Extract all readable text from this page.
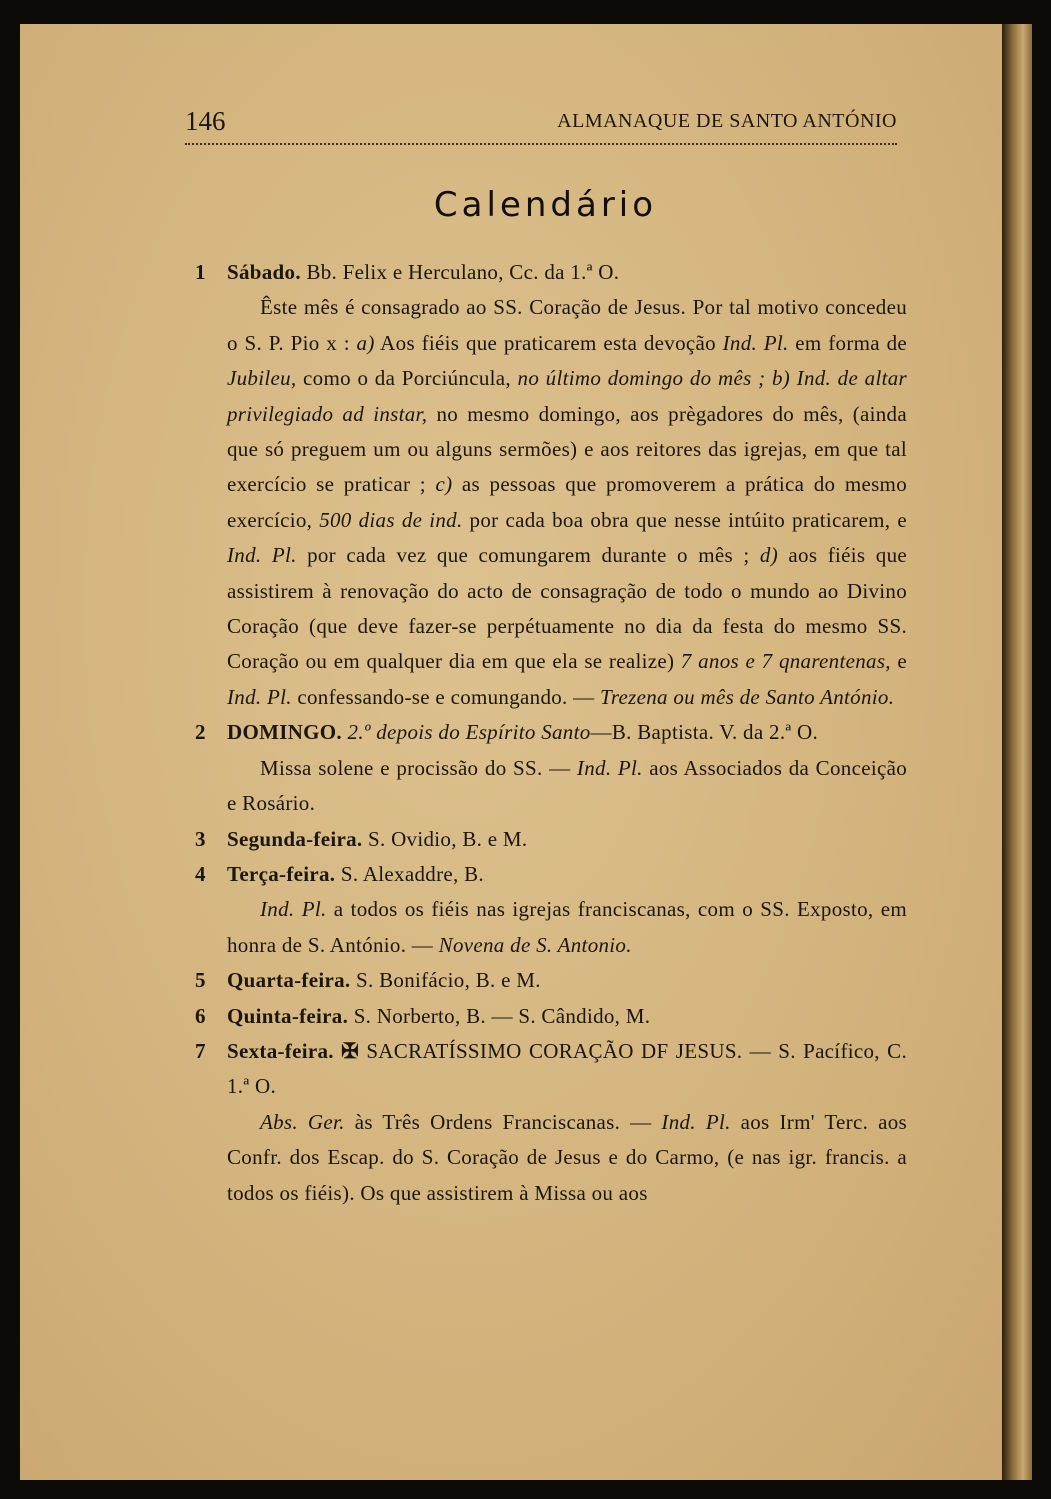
146	ALMANAQUE DE SANTO ANTÓNIO
Calendário
1 Sábado. Bb. Felix e Herculano, Cc. da 1.ª O.
Êste mês é consagrado ao SS. Coração de Jesus. Por tal motivo concedeu o S. P. Pio x : a) Aos fiéis que praticarem esta devoção Ind. Pl. em forma de Jubileu, como o da Porciúncula, no último domingo do mês ; b) Ind. de altar privilegiado ad instar, no mesmo domingo, aos prègadores do mês, (ainda que só preguem um ou alguns sermões) e aos reitores das igrejas, em que tal exercício se praticar ; c) as pessoas que promoverem a prática do mesmo exercício, 500 dias de ind. por cada boa obra que nesse intúito praticarem, e Ind. Pl. por cada vez que comungarem durante o mês ; d) aos fiéis que assistirem à renovação do acto de consagração de todo o mundo ao Divino Coração (que deve fazer-se perpétuamente no dia da festa do mesmo SS. Coração ou em qualquer dia em que ela se realize) 7 anos e 7 qnarentenas, e Ind. Pl. confessando-se e comungando. — Trezena ou mês de Santo António.
2 DOMINGO. 2.º depois do Espírito Santo—B. Baptista. V. da 2.ª O.
Missa solene e procissão do SS. — Ind. Pl. aos Associados da Conceição e Rosário.
3 Segunda-feira. S. Ovidio, B. e M.
4 Terça-feira. S. Alexaddre, B.
Ind. Pl. a todos os fiéis nas igrejas franciscanas, com o SS. Exposto, em honra de S. António. — Novena de S. Antonio.
5 Quarta-feira. S. Bonifácio, B. e M.
6 Quinta-feira. S. Norberto, B. — S. Cândido, M.
7 Sexta-feira. ✠ SACRATÍSSIMO CORAÇÃO DF JESUS. — S. Pacífico, C. 1.ª O.
Abs. Ger. às Três Ordens Franciscanas. — Ind. Pl. aos Irm' Terc. aos Confr. dos Escap. do S. Coração de Jesus e do Carmo, (e nas igr. francis. a todos os fiéis). Os que assistirem à Missa ou aos
